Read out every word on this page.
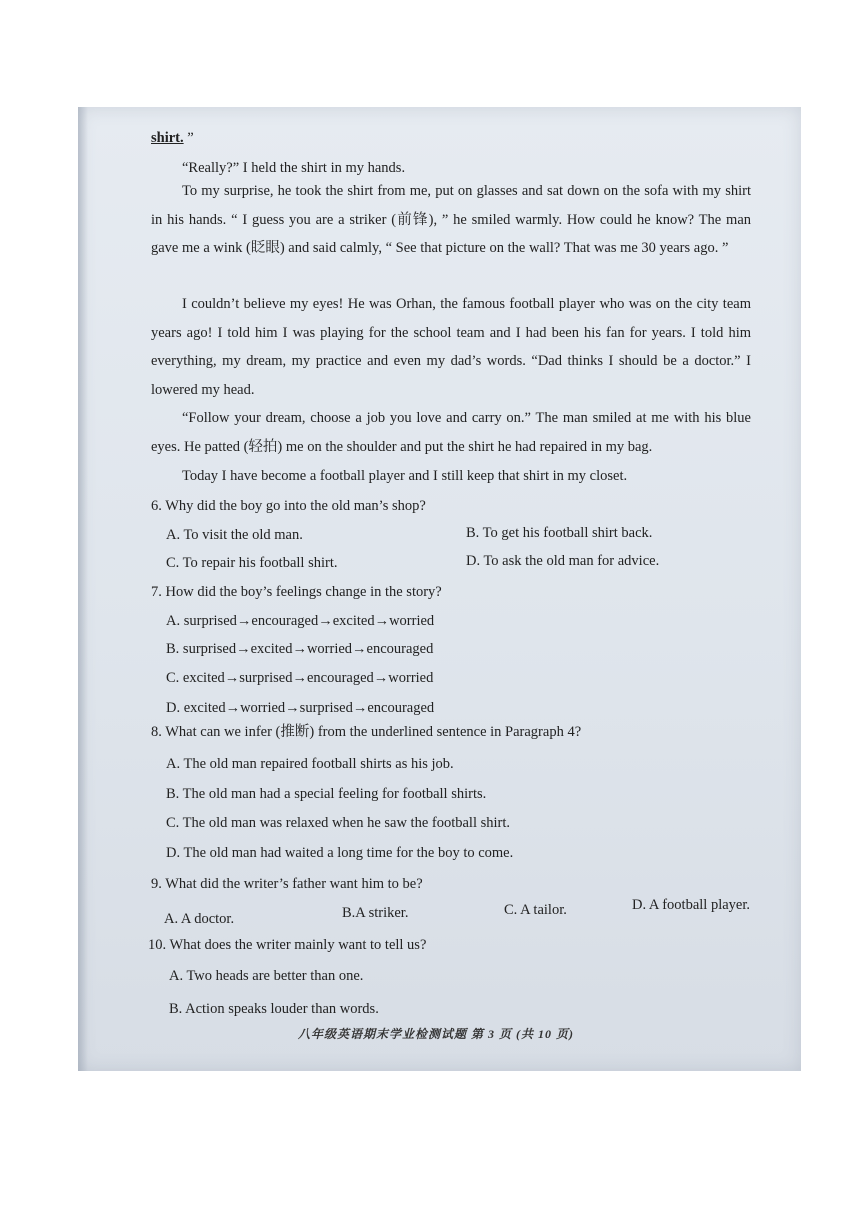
shirt. ”
“Really?” I held the shirt in my hands.
To my surprise, he took the shirt from me, put on glasses and sat down on the sofa with my shirt in his hands. “ I guess you are a striker (前锋), ” he smiled warmly. How could he know? The man gave me a wink (眨眼) and said calmly, “ See that picture on the wall? That was me 30 years ago. ”
I couldn’t believe my eyes! He was Orhan, the famous football player who was on the city team years ago! I told him I was playing for the school team and I had been his fan for years. I told him everything, my dream, my practice and even my dad’s words. “Dad thinks I should be a doctor.” I lowered my head.
“Follow your dream, choose a job you love and carry on.” The man smiled at me with his blue eyes. He patted (轻拍) me on the shoulder and put the shirt he had repaired in my bag.
Today I have become a football player and I still keep that shirt in my closet.
6. Why did the boy go into the old man’s shop?
A. To visit the old man.	B. To get his football shirt back.
C. To repair his football shirt.	D. To ask the old man for advice.
7. How did the boy’s feelings change in the story?
A. surprised→encouraged→excited→worried
B. surprised→excited→worried→encouraged
C. excited→surprised→encouraged→worried
D. excited→worried→surprised→encouraged
8. What can we infer (推断) from the underlined sentence in Paragraph 4?
A. The old man repaired football shirts as his job.
B. The old man had a special feeling for football shirts.
C. The old man was relaxed when he saw the football shirt.
D. The old man had waited a long time for the boy to come.
9. What did the writer’s father want him to be?
A. A doctor.	B.A striker.	C. A tailor.	D. A football player.
10. What does the writer mainly want to tell us?
A. Two heads are better than one.
B. Action speaks louder than words.
八年级英语期末学业检测试题 第 3 页 (共 10 页)
